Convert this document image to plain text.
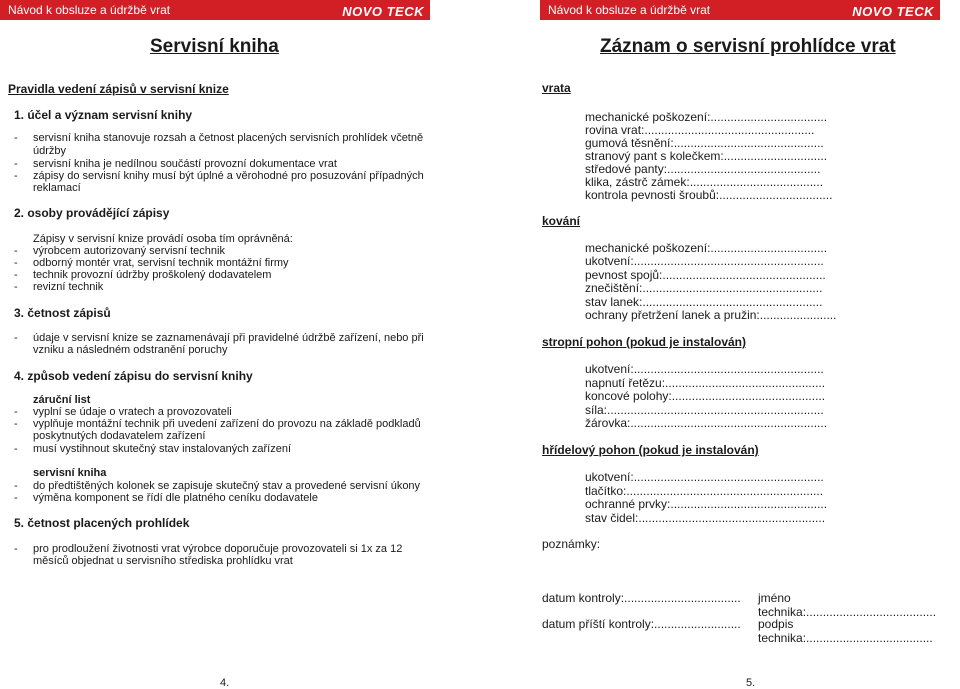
Návod k obsluze a údržbě vrat	NOVO TECK
Servisní kniha
Pravidla vedení zápisů v servisní knize
1. účel a význam servisní knihy
- servisní kniha stanovuje rozsah a četnost placených servisních prohlídek včetně
údržby
- servisní kniha je nedílnou součástí provozní dokumentace vrat
- zápisy do servisní knihy musí být úplné a věrohodné pro posuzování případných
reklamací
2. osoby provádějící zápisy
Zápisy v servisní knize provádí osoba tím oprávněná:
- výrobcem autorizovaný servisní technik
- odborný montér vrat, servisní technik montážní firmy
- technik provozní údržby proškolený dodavatelem
- revizní technik
3. četnost zápisů
- údaje v servisní knize se zaznamenávají při pravidelné údržbě zařízení, nebo při
vzniku a následném odstranění poruchy
4. způsob vedení zápisu do servisní knihy
záruční list
- vyplní se údaje o vratech a provozovateli
- vyplňuje montážní technik při uvedení zařízení do provozu na základě podkladů
poskytnutých dodavatelem zařízení
- musí vystihnout skutečný stav instalovaných zařízení
servisní kniha
- do předtištěných kolonek se zapisuje skutečný stav a provedené servisní úkony
- výměna komponent se řídí dle platného ceníku dodavatele
5. četnost placených prohlídek
- pro prodloužení životnosti vrat výrobce doporučuje provozovateli si 1x za 12
měsíců objednat u servisního střediska prohlídku vrat
4.
Návod k obsluze a údržbě vrat	NOVO TECK
Záznam o servisní prohlídce vrat
vrata
mechanické poškození:...................................
rovina vrat:...................................................
gumová těsnění:.............................................
stranový pant s kolečkem:...............................
středové panty:..............................................
klika, zástrč zámek:........................................
kontrola pevnosti šroubů:..................................
kování
mechanické poškození:...................................
ukotvení:.........................................................
pevnost spojů:.................................................
znečištění:......................................................
stav lanek:......................................................
ochrany přetržení lanek a pružin:.......................
stropní pohon (pokud je instalován)
ukotvení:.........................................................
napnutí řetězu:................................................
koncové polohy:..............................................
síla:.................................................................
žárovka:...........................................................
hřídelový pohon (pokud je instalován)
ukotvení:.........................................................
tlačítko:...........................................................
ochranné prvky:...............................................
stav čidel:........................................................
poznámky:
datum kontroly:................................... jméno technika:.......................................
datum příští kontroly:.......................... podpis technika:......................................
5.
